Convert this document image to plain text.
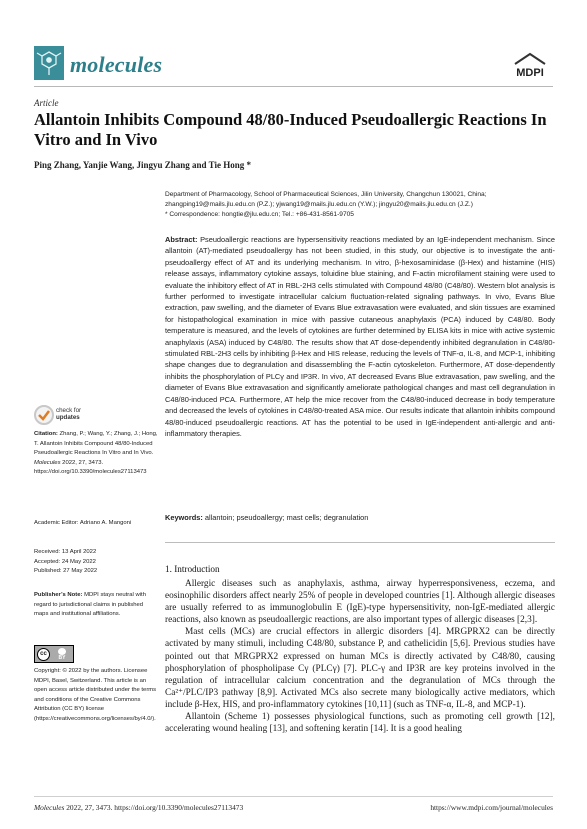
molecules	MDPI
Article
Allantoin Inhibits Compound 48/80-Induced Pseudoallergic Reactions In Vitro and In Vivo
Ping Zhang, Yanjie Wang, Jingyu Zhang and Tie Hong *

Department of Pharmacology, School of Pharmaceutical Sciences, Jilin University, Changchun 130021, China;

zhangping19@mails.jlu.edu.cn (P.Z.); yjwang19@mails.jlu.edu.cn (Y.W.); jingyu20@mails.jlu.edu.cn (J.Z.)

* Correspondence: hongtie@jlu.edu.cn; Tel.: +86-431-8561-9705

Abstract: Pseudoallergic reactions are hypersensitivity reactions mediated by an IgE-independent mechanism. Since allantoin (AT)-mediated pseudoallergy has not been studied, in this study, our objective is to investigate the anti-pseudoallergy effect of AT and its underlying mechanism. In vitro, β-hexosaminidase (β-Hex) and histamine (HIS) release assays, inflammatory cytokine assays, toluidine blue staining, and F-actin microfilament staining were used to evaluate the inhibitory effect of AT in RBL-2H3 cells stimulated with Compound 48/80 (C48/80). Western blot analysis is further performed to investigate intracellular calcium fluctuation-related signaling pathways. In vivo, Evans Blue extraction, paw swelling, and the diameter of Evans Blue extravasation were evaluated, and skin tissues are examined for histopathological examination in mice with passive cutaneous anaphylaxis (PCA) induced by C48/80. Body temperature is measured, and the levels of cytokines are further determined by ELISA kits in mice with active systemic anaphylaxis (ASA) induced by C48/80. The results show that AT dose-dependently inhibited degranulation in C48/80-stimulated RBL-2H3 cells by inhibiting β-Hex and HIS release, reducing the levels of TNF-α, IL-8, and MCP-1, inhibiting shape changes due to degranulation and disassembling the F-actin cytoskeleton. Furthermore, AT dose-dependently inhibits the phosphorylation of PLCγ and IP3R. In vivo, AT decreased Evans Blue extravasation, paw swelling, and the diameter of Evans Blue extravasation and significantly ameliorate pathological changes and mast cell degranulation in C48/80-induced PCA. Furthermore, AT help the mice recover from the C48/80-induced decrease in body temperature and decreased the levels of cytokines in C48/80-treated ASA mice. Our results indicate that allantoin inhibits compound 48/80-induced pseudoallergic reactions. AT has the potential to be used in IgE-independent anti-allergic and anti-inflammatory therapies.
Keywords: allantoin; pseudoallergy; mast cells; degranulation
check for
updates
Citation: Zhang, P.; Wang, Y.; Zhang, J.; Hong, T. Allantoin Inhibits Compound 48/80-Induced Pseudoallergic Reactions In Vitro and In Vivo. Molecules 2022, 27, 3473. https://doi.org/10.3390/molecules27113473
Academic Editor: Adriano A. Mangoni
Received: 13 April 2022
Accepted: 24 May 2022
Published: 27 May 2022
Publisher’s Note: MDPI stays neutral with regard to jurisdictional claims in published maps and institutional affiliations.
cc
BY
Copyright: © 2022 by the authors. Licensee MDPI, Basel, Switzerland. This article is an open access article distributed under the terms and conditions of the Creative Commons Attribution (CC BY) license (https://creativecommons.org/licenses/by/4.0/).
1. Introduction

Allergic diseases such as anaphylaxis, asthma, airway hyperresponsiveness, eczema, and eosinophilic disorders affect nearly 25% of people in developed countries [1]. Although allergic diseases are usually referred to as immunoglobulin E (IgE)-type hypersensitivity, non-IgE-mediated allergic reactions, also known as pseudoallergic reactions, are also important types of allergic diseases [2,3].

Mast cells (MCs) are crucial effectors in allergic disorders [4]. MRGPRX2 can be directly activated by many stimuli, including C48/80, substance P, and cathelicidin [5,6]. Previous studies have pointed out that MRGPRX2 expressed on human MCs is directly activated by C48/80, causing phosphorylation of phospholipase Cγ (PLCγ) [7]. PLC-γ and IP3R are key proteins involved in the regulation of intracellular calcium concentration and the degranulation of MCs through the Ca²⁺/PLC/IP3 pathway [8,9]. Activated MCs also secrete many biologically active mediators, which include β-Hex, HIS, and pro-inflammatory cytokines [10,11] (such as TNF-α, IL-8, and MCP-1).

Allantoin (Scheme 1) possesses physiological functions, such as promoting cell growth [12], accelerating wound healing [13], and softening keratin [14]. It is a good healing

Molecules 2022, 27, 3473. https://doi.org/10.3390/molecules27113473	https://www.mdpi.com/journal/molecules
